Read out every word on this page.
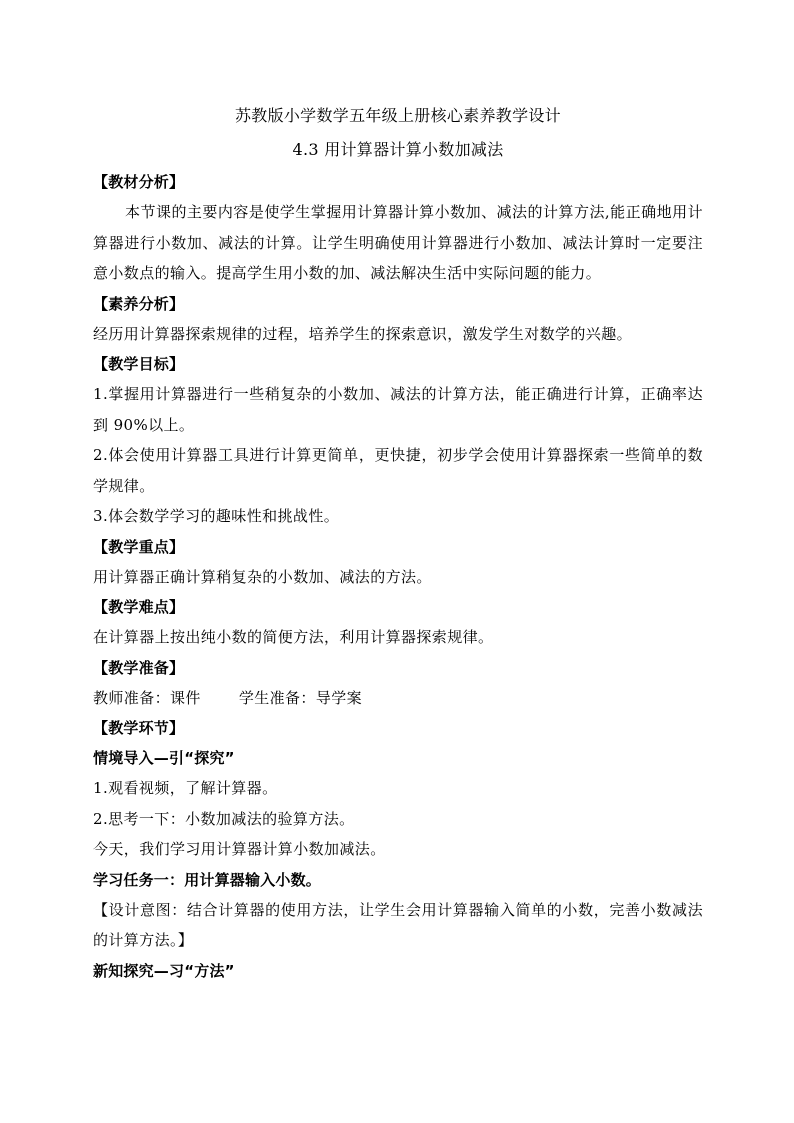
苏教版小学数学五年级上册核心素养教学设计
4.3 用计算器计算小数加减法
【教材分析】

本节课的主要内容是使学生掌握用计算器计算小数加、减法的计算方法,能正确地用计算器进行小数加、减法的计算。让学生明确使用计算器进行小数加、减法计算时一定要注意小数点的输入。提高学生用小数的加、减法解决生活中实际问题的能力。

【素养分析】

经历用计算器探索规律的过程，培养学生的探索意识，激发学生对数学的兴趣。

【教学目标】

1.掌握用计算器进行一些稍复杂的小数加、减法的计算方法，能正确进行计算，正确率达到 90%以上。

2.体会使用计算器工具进行计算更简单，更快捷，初步学会使用计算器探索一些简单的数学规律。

3.体会数学学习的趣味性和挑战性。

【教学重点】

用计算器正确计算稍复杂的小数加、减法的方法。

【教学难点】

在计算器上按出纯小数的简便方法，利用计算器探索规律。

【教学准备】

教师准备：课件	学生准备：导学案

【教学环节】
情境导入—引“探究”

1.观看视频，了解计算器。

2.思考一下：小数加减法的验算方法。

今天，我们学习用计算器计算小数加减法。

学习任务一：用计算器输入小数。

【设计意图：结合计算器的使用方法，让学生会用计算器输入简单的小数，完善小数减法的计算方法。】

新知探究—习“方法”
